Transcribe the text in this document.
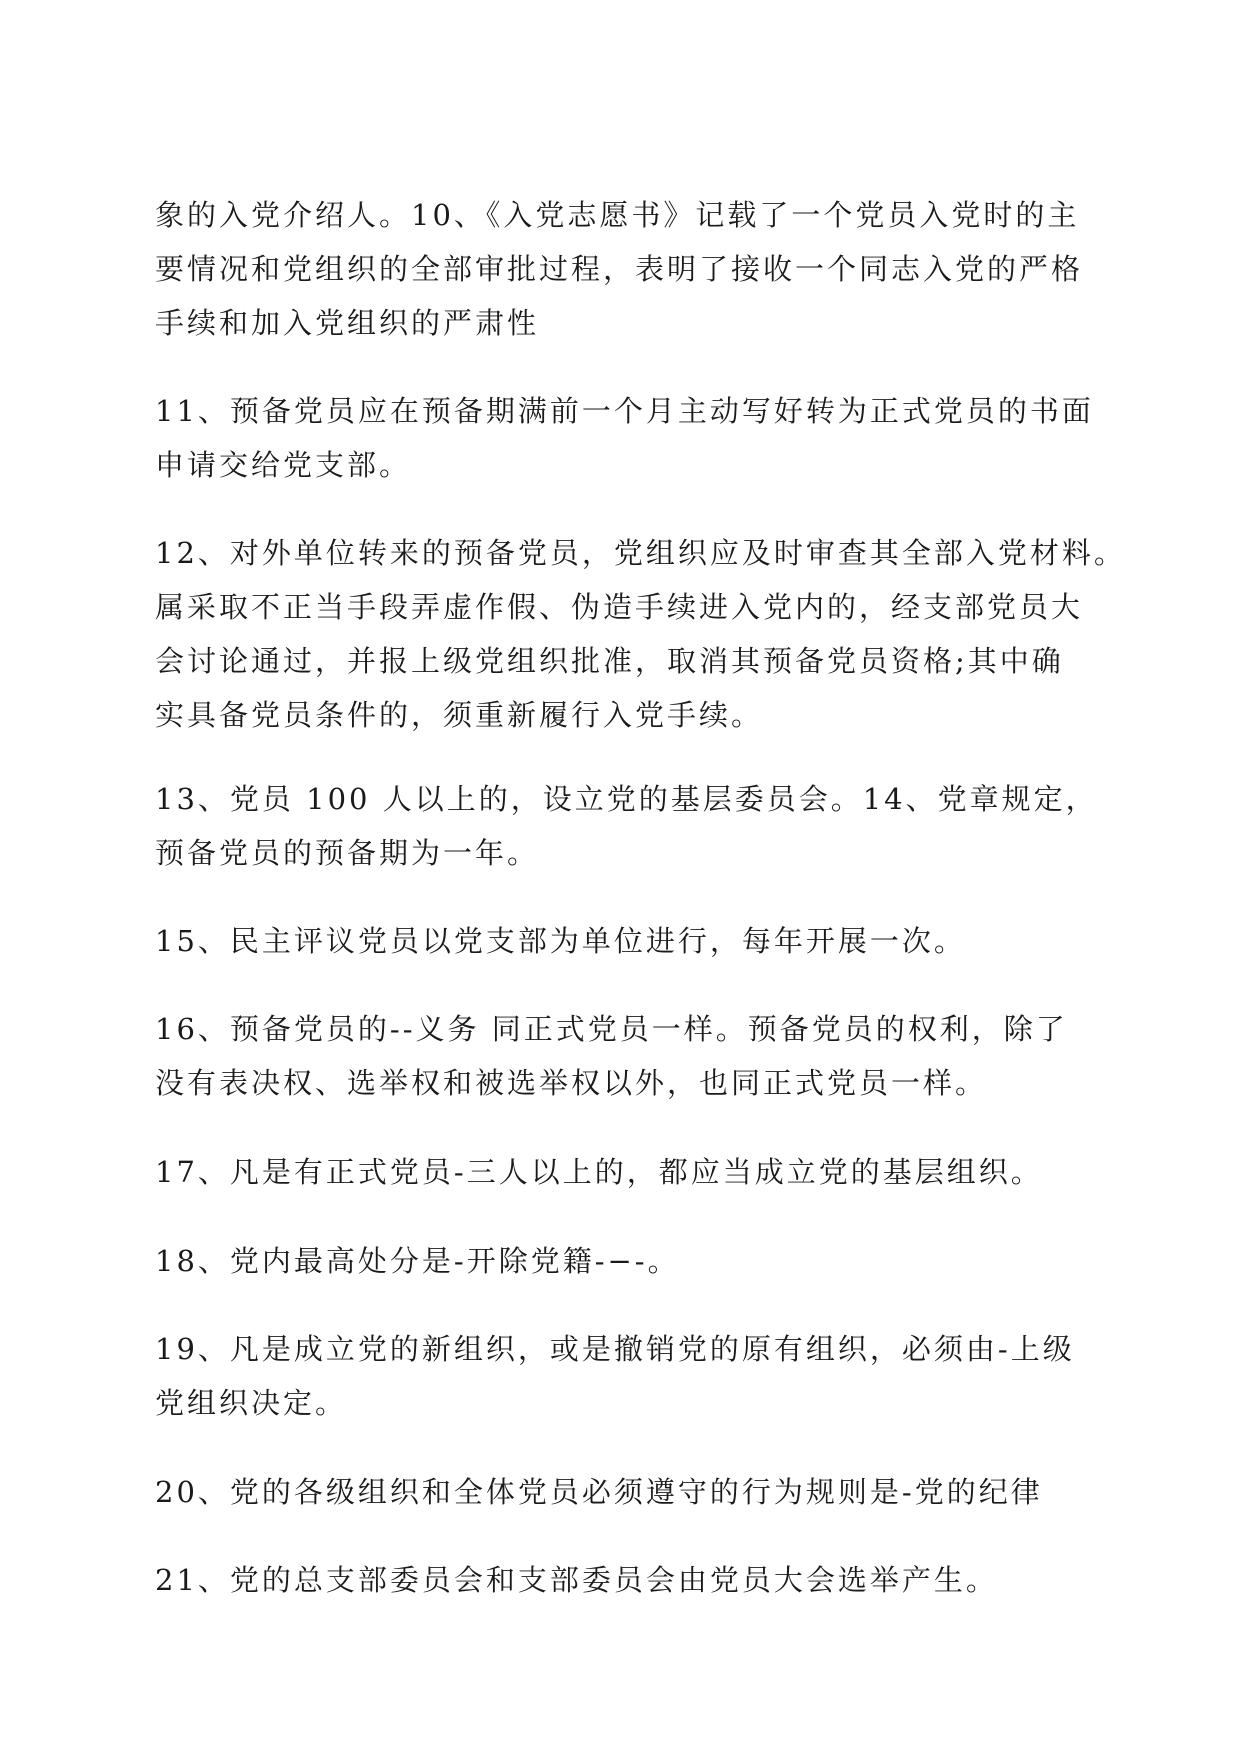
象的入党介绍人。10、《入党志愿书》记载了一个党员入党时的主
要情况和党组织的全部审批过程，表明了接收一个同志入党的严格
手续和加入党组织的严肃性

11、预备党员应在预备期满前一个月主动写好转为正式党员的书面
申请交给党支部。

12、对外单位转来的预备党员，党组织应及时审查其全部入党材料。
属采取不正当手段弄虚作假、伪造手续进入党内的，经支部党员大
会讨论通过，并报上级党组织批准，取消其预备党员资格;其中确
实具备党员条件的，须重新履行入党手续。

13、党员 100 人以上的，设立党的基层委员会。14、党章规定，
预备党员的预备期为一年。

15、民主评议党员以党支部为单位进行，每年开展一次。

16、预备党员的--义务 同正式党员一样。预备党员的权利，除了
没有表决权、选举权和被选举权以外，也同正式党员一样。

17、凡是有正式党员-三人以上的，都应当成立党的基层组织。

18、党内最高处分是-开除党籍-−-。

19、凡是成立党的新组织，或是撤销党的原有组织，必须由-上级
党组织决定。

20、党的各级组织和全体党员必须遵守的行为规则是-党的纪律

21、党的总支部委员会和支部委员会由党员大会选举产生。
